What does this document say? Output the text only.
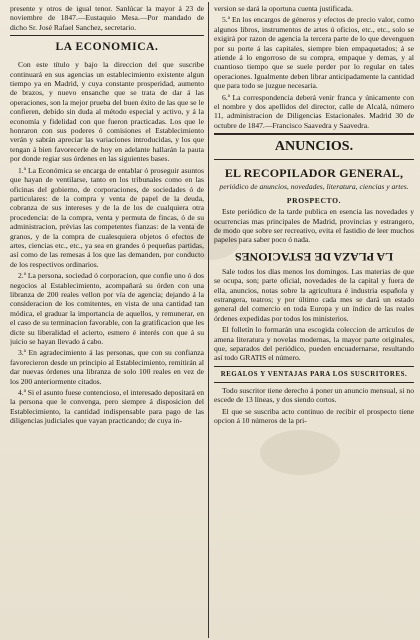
presente y otros de igual tenor. Sanlúcar la mayor á 23 de noviembre de 1847.—Eustaquio Mesa.—Por mandado de dicho Sr. José Rafael Sanchez, secretario.

LA ECONOMICA.

Con este título y bajo la direccion del que suscribe continuará en sus agencias un establecimiento existente algun tiempo ya en Madrid, y cuya constante prosperidad, aumento de brazos, y nuevo ensanche que se trata de dar á las operaciones, son la mejor prueba del buen éxito de las que se le confieren, debido sin duda al método especial y activo, y á la economía y fidelidad con que fueron practicadas. Los que le honraron con sus poderes ó comisiones el Establecimiento verán y sabrán apreciar las variaciones introducidas, y los que tengan á bien favorecerle de hoy en adelante hallarán la pauta por donde regiar sus órdenes en las siguientes bases.

1.ª La Económica se encarga de entablar ó proseguir asuntos que hayan de ventilarse, tanto en los tribunales como en las oficinas del gobierno, de corporaciones, de sociedades ó de particulares: de la compra y venta de papel de la deuda, cobranza de sus intereses y de la de los de cualquiera otra procedencia: de la compra, venta y permuta de fincas, ó de su administracion, prévias las competentes fianzas: de la venta de granos, y de la compra de cualesquiera objetos ó efectos de artes, ciencias etc., etc., ya sea en grandes ó pequeñas partidas, así como de las remesas á los que las demanden, por conducto de los respectivos ordinarios.

2.ª La persona, sociedad ó corporacion, que confie uno ó dos negocios al Establecimiento, acompañará su órden con una libranza de 200 reales vellon por vía de agencia; dejando á la consideracion de los comitentes, en vista de una cantidad tan módica, el graduar la importancia de aquellos, y remunerar, en el caso de su terminacion favorable, con la gratificacion que les dicte su liberalidad el acierto, esmero é interés con que á su juicio se hayan llevado á cabo.

3.ª En agradecimiento á las personas, que con su confianza favorecieron desde un principio al Establecimiento, remitirán al dar nuevas órdenes una libranza de solo 100 reales en vez de los 200 anteriormente citados.

4.ª Si el asunto fuese contencioso, el interesado depositará en la persona que le convenga, pero siempre á disposicion del Establecimiento, la cantidad indispensable para pago de las diligencias judiciales que vayan practicando; de cuya in-

version se dará la oportuna cuenta justificada.

5.ª En los encargos de géneros y efectos de precio valor, como algunos libros, instrumentos de artes ú oficios, etc., etc., solo se exigirá por razon de agencia la tercera parte de lo que devenguen por su porte á las capitales, siempre bien empaquetados; á se atiende á lo engorroso de su compra, empaque y demas, y al cuantioso tiempo que se suele perder por lo regular en tales operaciones. Igualmente deben librar anticipadamente la cantidad que para todo se juzgue necesaria.

6.ª La correspondencia deberá venir franca y únicamente con el nombre y dos apellidos del director, calle de Alcalá, número 11, administracion de Diligencias Estacionales. Madrid 30 de octubre de 1847.—Francisco Saavedra y Saavedra.

ANUNCIOS.
EL RECOPILADOR GENERAL,
periódico de anuncios, novedades, literatura, ciencias y artes.
PROSPECTO.

Este periódico de la tarde publica en esencia las novedades y ocurrencias mas principales de Madrid, provincias y estrangero, de modo que sobre ser recreativo, evita el fastidio de leer muchos papeles para saber poco ó nada.

LA PLAZA DE ESTACIONES

Sale todos los días menos los domingos. Las materias de que se ocupa, son; parte oficial, novedades de la capital y fuera de ella, anuncios, notas sobre la agricultura é industria española y estrangera, teatros; y por último cada mes se dará un estado general del comercio en toda Europa y un índice de las reales órdenes expedidas por todos los ministerios.

El folletín lo formarán una escogida coleccion de artículos de amena literatura y novelas modernas, la mayor parte originales, que, separados del periódico, pueden encuadernarse, resultando así todo GRATIS el número.

REGALOS Y VENTAJAS PARA LOS SUSCRITORES.

Todo suscritor tiene derecho á poner un anuncio mensual, si no escede de 13 líneas, y dos siendo cortos.

El que se suscriba acto continuo de recibir el prospecto tiene opcion á 10 números de la pri-
